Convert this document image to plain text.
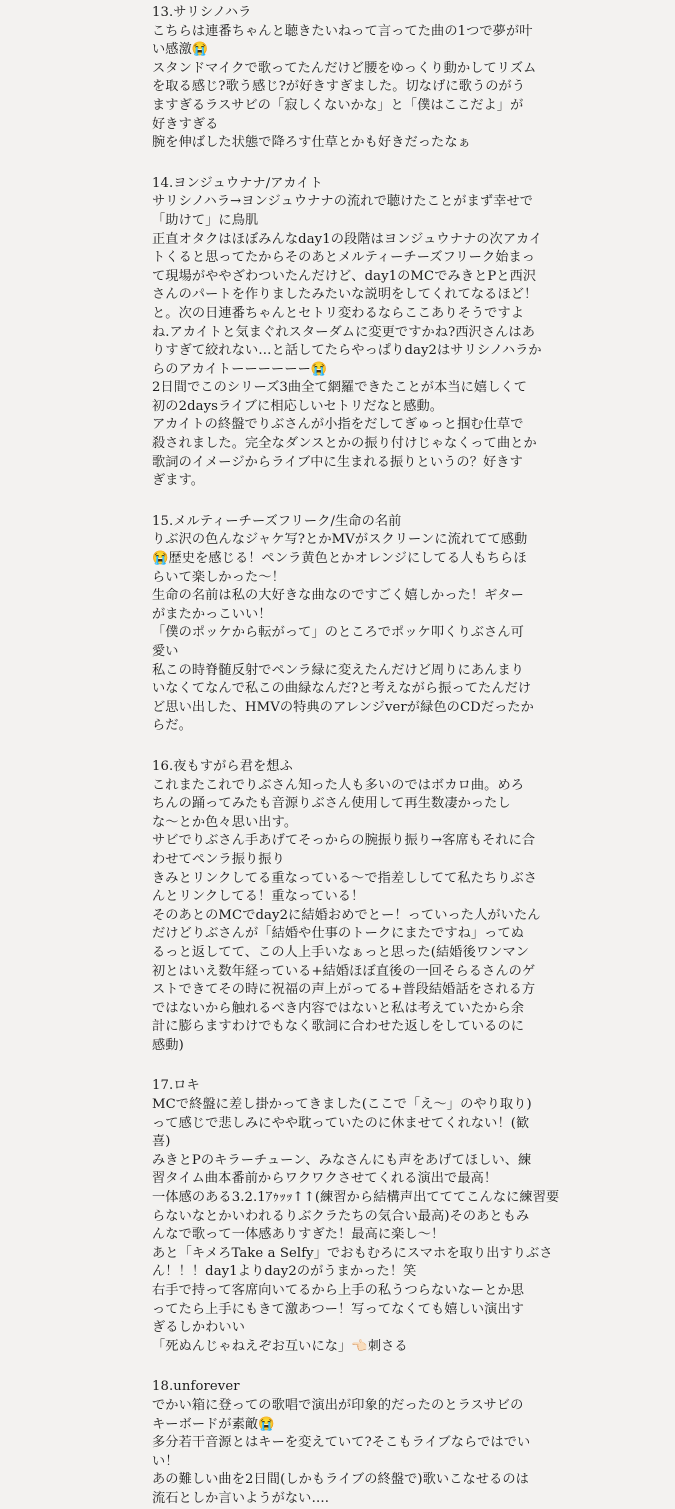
13.サリシノハラ
こちらは連番ちゃんと聴きたいねって言ってた曲の1つで夢が叶
い感激😭
スタンドマイクで歌ってたんだけど腰をゆっくり動かしてリズム
を取る感じ?歌う感じ?が好きすぎました。切なげに歌うのがう
ますぎるラスサビの「寂しくないかな」と「僕はここだよ」が
好きすぎる
腕を伸ばした状態で降ろす仕草とかも好きだったなぁ
14.ヨンジュウナナ/アカイト
サリシノハラ→ヨンジュウナナの流れで聴けたことがまず幸せで
「助けて」に鳥肌
正直オタクはほぼみんなday1の段階はヨンジュウナナの次アカイ
トくると思ってたからそのあとメルティーチーズフリーク始まっ
て現場がややざわついたんだけど、day1のMCでみきとPと西沢
さんのパートを作りましたみたいな説明をしてくれてなるほど！
と。次の日連番ちゃんとセトリ変わるならここありそうですよ
ね.アカイトと気まぐれスターダムに変更ですかね?西沢さんはあ
りすぎて絞れない…と話してたらやっぱりday2はサリシノハラか
らのアカイトーーーーーー😭
2日間でこのシリーズ3曲全て網羅できたことが本当に嬉しくて
初の2daysライブに相応しいセトリだなと感動。
アカイトの終盤でりぶさんが小指をだしてぎゅっと掴む仕草で
殺されました。完全なダンスとかの振り付けじゃなくって曲とか
歌詞のイメージからライブ中に生まれる振りというの？好きす
ぎます。
15.メルティーチーズフリーク/生命の名前
りぶ沢の色んなジャケ写?とかMVがスクリーンに流れてて感動
😭歴史を感じる！ペンラ黄色とかオレンジにしてる人もちらほ
らいて楽しかった〜！
生命の名前は私の大好きな曲なのですごく嬉しかった！ギター
がまたかっこいい！
「僕のポッケから転がって」のところでポッケ叩くりぶさん可
愛い
私この時脊髄反射でペンラ緑に変えたんだけど周りにあんまり
いなくてなんで私この曲緑なんだ?と考えながら振ってたんだけ
ど思い出した、HMVの特典のアレンジverが緑色のCDだったか
らだ。
16.夜もすがら君を想ふ
これまたこれでりぶさん知った人も多いのではボカロ曲。めろ
ちんの踊ってみたも音源りぶさん使用して再生数凄かったし
な〜とか色々思い出す。
サビでりぶさん手あげてそっからの腕振り振り→客席もそれに合
わせてペンラ振り振り
きみとリンクしてる重なっている〜で指差ししてて私たちりぶさ
んとリンクしてる！重なっている！
そのあとのMCでday2に結婚おめでとー！っていった人がいたん
だけどりぶさんが「結婚や仕事のトークにまたですね」ってぬ
るっと返してて、この人上手いなぁっと思った(結婚後ワンマン
初とはいえ数年経っている+結婚ほぼ直後の一回そらるさんのゲ
ストできてその時に祝福の声上がってる+普段結婚話をされる方
ではないから触れるべき内容ではないと私は考えていたから余
計に膨らますわけでもなく歌詞に合わせた返しをしているのに
感動)
17.ロキ
MCで終盤に差し掛かってきました(ここで「え〜」のやり取り)
って感じで悲しみにやや耽っていたのに休ませてくれない！(歓
喜)
みきとPのキラーチューン、みなさんにも声をあげてほしい、練
習タイム曲本番前からワクワクさせてくれる演出で最高！
一体感のある3.2.1ｱｩｯｯ↑↑(練習から結構声出てててこんなに練習要
らないなとかいわれるりぶクラたちの気合い最高)そのあともみ
んなで歌って一体感ありすぎた！最高に楽し〜！
あと「キメろTake a Selfy」でおもむろにスマホを取り出すりぶさ
ん！！！day1よりday2のがうまかった！笑
右手で持って客席向いてるから上手の私うつらないなーとか思
ってたら上手にもきて激あつー！写ってなくても嬉しい演出す
ぎるしかわいい
「死ぬんじゃねえぞお互いにな」👈🏻刺さる
18.unforever
でかい箱に登っての歌唱で演出が印象的だったのとラスサビの
キーボードが素敵😭
多分若干音源とはキーを変えていて?そこもライブならではでい
い！
あの難しい曲を2日間(しかもライブの終盤で)歌いこなせるのは
流石としか言いようがない….
